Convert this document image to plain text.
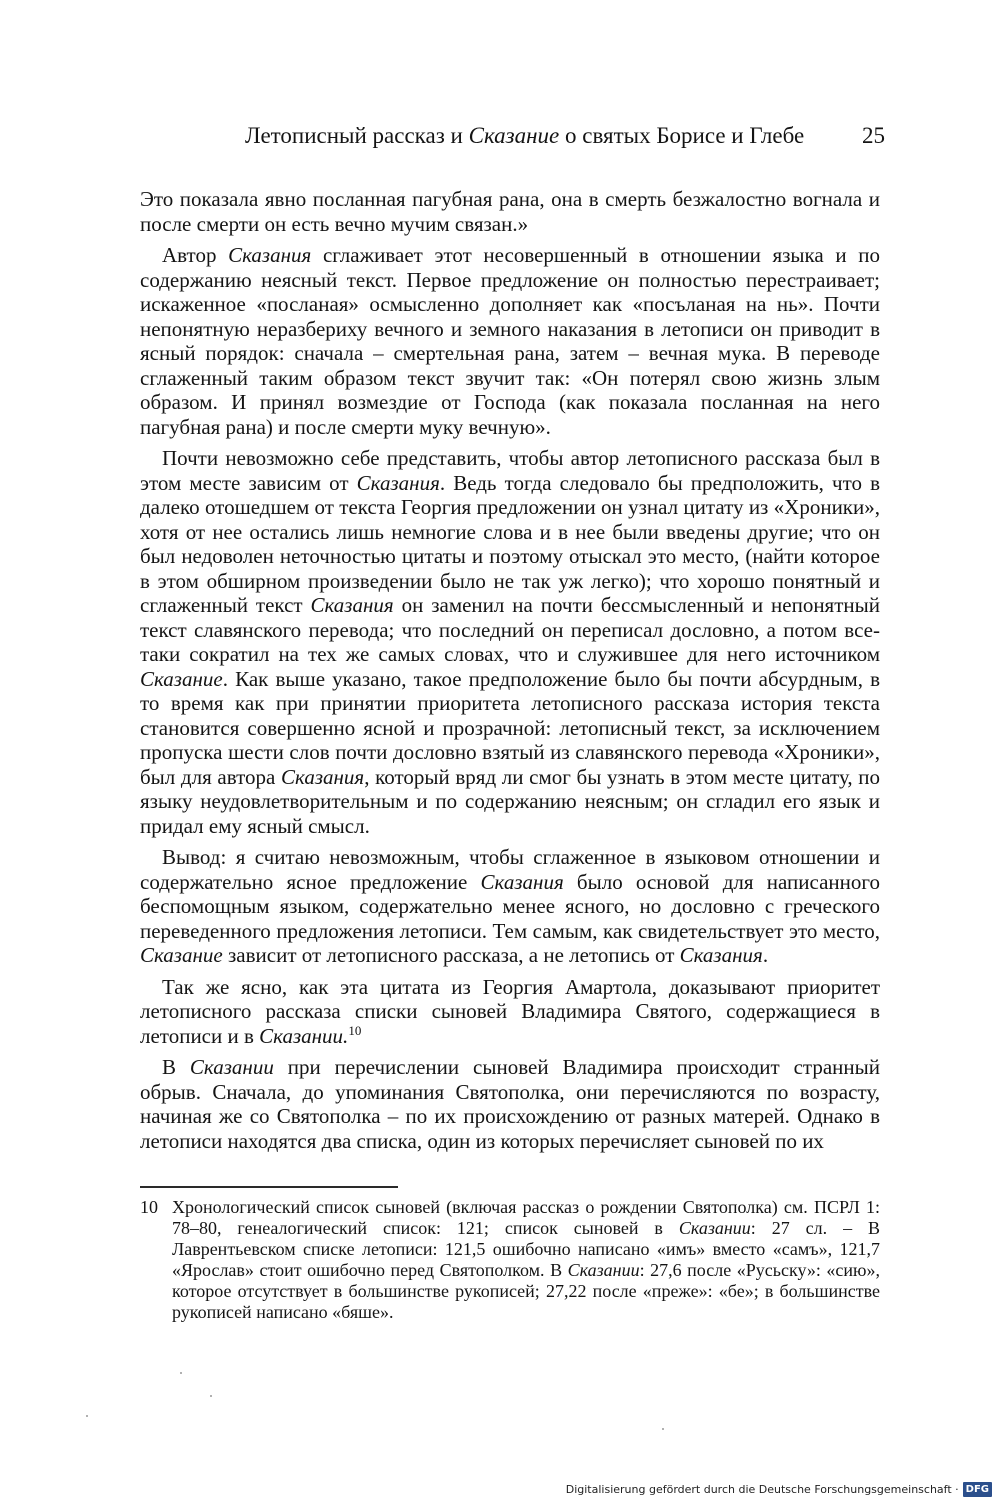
Летописный рассказ и Сказание о святых Борисе и Глебе	25

Это показала явно посланная пагубная рана, она в смерть безжалостно вогнала и после смерти он есть вечно мучим связан.»

Автор Сказания сглаживает этот несовершенный в отношении языка и по содержанию неясный текст. Первое предложение он полностью перестраивает; искаженное «посланая» осмысленно дополняет как «посъланая на нь». Почти непонятную неразбериху вечного и земного наказания в летописи он приводит в ясный порядок: сначала – смертельная рана, затем – вечная мука. В переводе сглаженный таким образом текст звучит так: «Он потерял свою жизнь злым образом. И принял возмездие от Господа (как показала посланная на него пагубная рана) и после смерти муку вечную».

Почти невозможно себе представить, чтобы автор летописного рассказа был в этом месте зависим от Сказания. Ведь тогда следовало бы предположить, что в далеко отошедшем от текста Георгия предложении он узнал цитату из «Хроники», хотя от нее остались лишь немногие слова и в нее были введены другие; что он был недоволен неточностью цитаты и поэтому отыскал это место, (найти которое в этом обширном произведении было не так уж легко); что хорошо понятный и сглаженный текст Сказания он заменил на почти бессмысленный и непонятный текст славянского перевода; что последний он переписал дословно, а потом все-таки сократил на тех же самых словах, что и служившее для него источником Сказание. Как выше указано, такое предположение было бы почти абсурдным, в то время как при принятии приоритета летописного рассказа история текста становится совершенно ясной и прозрачной: летописный текст, за исключением пропуска шести слов почти дословно взятый из славянского перевода «Хроники», был для автора Сказания, который вряд ли смог бы узнать в этом месте цитату, по языку неудовлетворительным и по содержанию неясным; он сгладил его язык и придал ему ясный смысл.

Вывод: я считаю невозможным, чтобы сглаженное в языковом отношении и содержательно ясное предложение Сказания было основой для написанного беспомощным языком, содержательно менее ясного, но дословно с греческого переведенного предложения летописи. Тем самым, как свидетельствует это место, Сказание зависит от летописного рассказа, а не летопись от Сказания.

Так же ясно, как эта цитата из Георгия Амартола, доказывают приоритет летописного рассказа списки сыновей Владимира Святого, содержащиеся в летописи и в Сказании.$^{10}$

В Сказании при перечислении сыновей Владимира происходит странный обрыв. Сначала, до упоминания Святополка, они перечисляются по возрасту, начиная же со Святополка – по их происхождению от разных матерей. Однако в летописи находятся два списка, один из которых перечисляет сыновей по их

10 Хронологический список сыновей (включая рассказ о рождении Святополка) см. ПСРЛ 1: 78–80, генеалогический список: 121; список сыновей в Сказании: 27 сл. – В Лаврентьевском списке летописи: 121,5 ошибочно написано «имъ» вместо «самъ», 121,7 «Ярослав» стоит ошибочно перед Святополком. В Сказании: 27,6 после «Русьску»: «сию», которое отсутствует в большинстве рукописей; 27,22 после «преже»: «бе»; в большинстве рукописей написано «бяше».
Digitalisierung gefördert durch die Deutsche Forschungsgemeinschaft · DFG
